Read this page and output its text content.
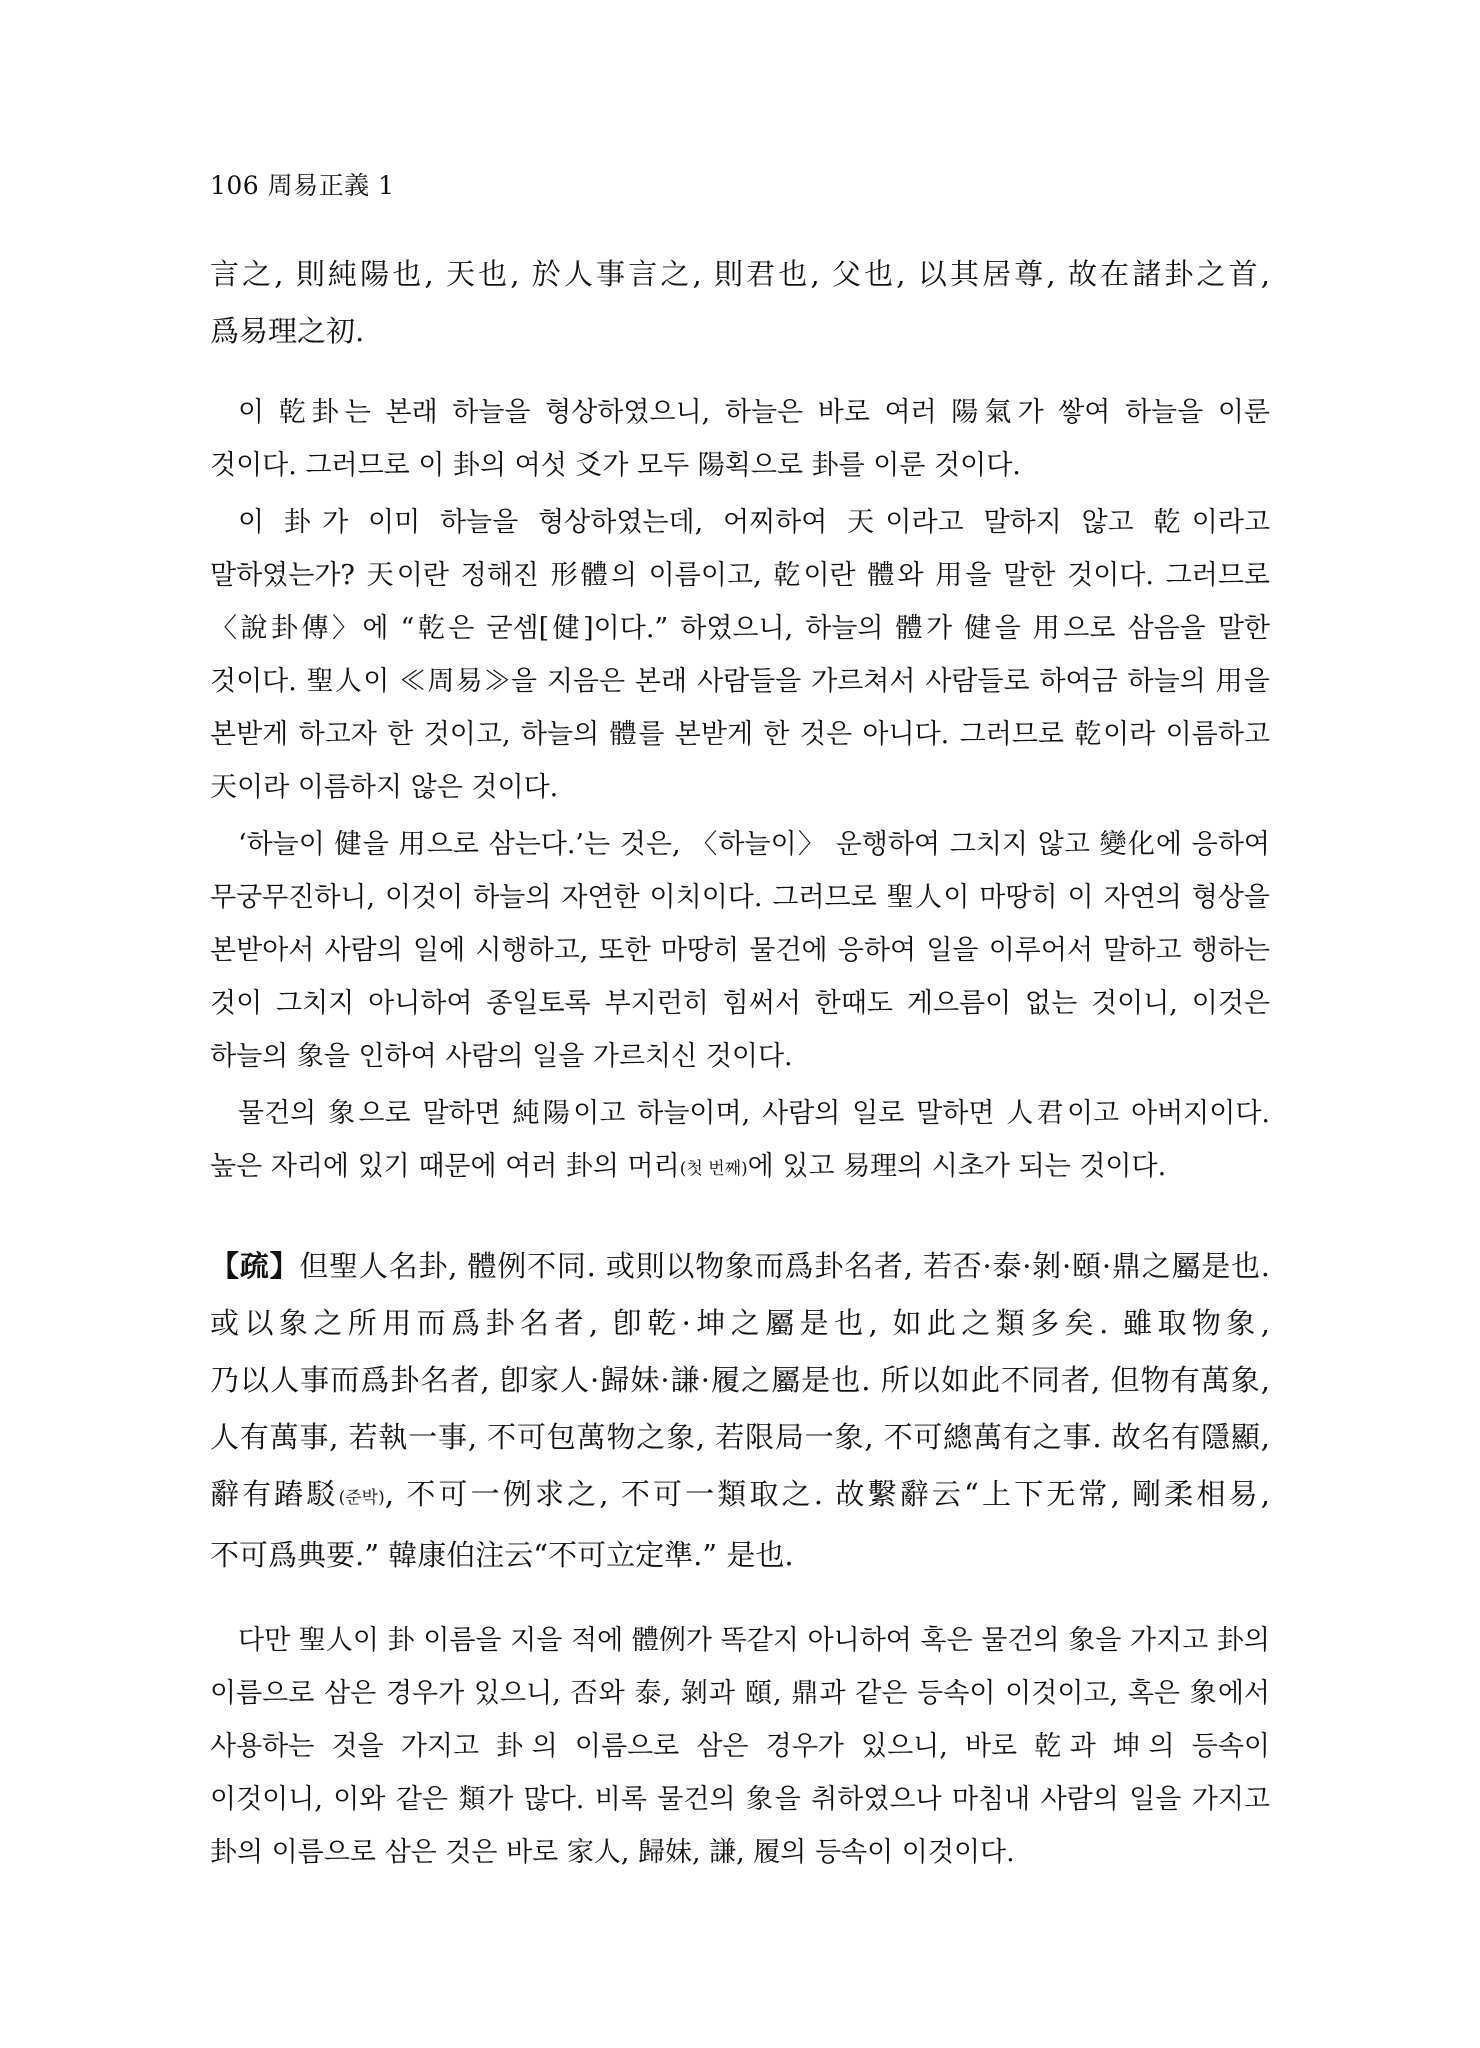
106 周易正義 1

言之, 則純陽也, 天也, 於人事言之, 則君也, 父也, 以其居尊, 故在諸卦之首, 爲易理之初.

이 乾卦는 본래 하늘을 형상하였으니, 하늘은 바로 여러 陽氣가 쌓여 하늘을 이룬 것이다. 그러므로 이 卦의 여섯 爻가 모두 陽획으로 卦를 이룬 것이다.

이 卦가 이미 하늘을 형상하였는데, 어찌하여 天이라고 말하지 않고 乾이라고 말하였는가? 天이란 정해진 形體의 이름이고, 乾이란 體와 用을 말한 것이다. 그러므로 〈說卦傳〉에 “乾은 굳셈[健]이다.” 하였으니, 하늘의 體가 健을 用으로 삼음을 말한 것이다. 聖人이 ≪周易≫을 지음은 본래 사람들을 가르쳐서 사람들로 하여금 하늘의 用을 본받게 하고자 한 것이고, 하늘의 體를 본받게 한 것은 아니다. 그러므로 乾이라 이름하고 天이라 이름하지 않은 것이다.

‘하늘이 健을 用으로 삼는다.’는 것은, 〈하늘이〉 운행하여 그치지 않고 變化에 응하여 무궁무진하니, 이것이 하늘의 자연한 이치이다. 그러므로 聖人이 마땅히 이 자연의 형상을 본받아서 사람의 일에 시행하고, 또한 마땅히 물건에 응하여 일을 이루어서 말하고 행하는 것이 그치지 아니하여 종일토록 부지런히 힘써서 한때도 게으름이 없는 것이니, 이것은 하늘의 象을 인하여 사람의 일을 가르치신 것이다.

물건의 象으로 말하면 純陽이고 하늘이며, 사람의 일로 말하면 人君이고 아버지이다. 높은 자리에 있기 때문에 여러 卦의 머리(첫 번째)에 있고 易理의 시초가 되는 것이다.

【疏】但聖人名卦, 體例不同. 或則以物象而爲卦名者, 若否·泰·剝·頤·鼎之屬是也. 或以象之所用而爲卦名者, 卽乾·坤之屬是也, 如此之類多矣. 雖取物象, 乃以人事而爲卦名者, 卽家人·歸妹·謙·履之屬是也. 所以如此不同者, 但物有萬象, 人有萬事, 若執一事, 不可包萬物之象, 若限局一象, 不可總萬有之事. 故名有隱顯, 辭有蹖駁(준박), 不可一例求之, 不可一類取之. 故繫辭云“上下无常, 剛柔相易, 不可爲典要.” 韓康伯注云“不可立定準.” 是也.

다만 聖人이 卦 이름을 지을 적에 體例가 똑같지 아니하여 혹은 물건의 象을 가지고 卦의 이름으로 삼은 경우가 있으니, 否와 泰, 剝과 頤, 鼎과 같은 등속이 이것이고, 혹은 象에서 사용하는 것을 가지고 卦의 이름으로 삼은 경우가 있으니, 바로 乾과 坤의 등속이 이것이니, 이와 같은 類가 많다. 비록 물건의 象을 취하였으나 마침내 사람의 일을 가지고 卦의 이름으로 삼은 것은 바로 家人, 歸妹, 謙, 履의 등속이 이것이다.
